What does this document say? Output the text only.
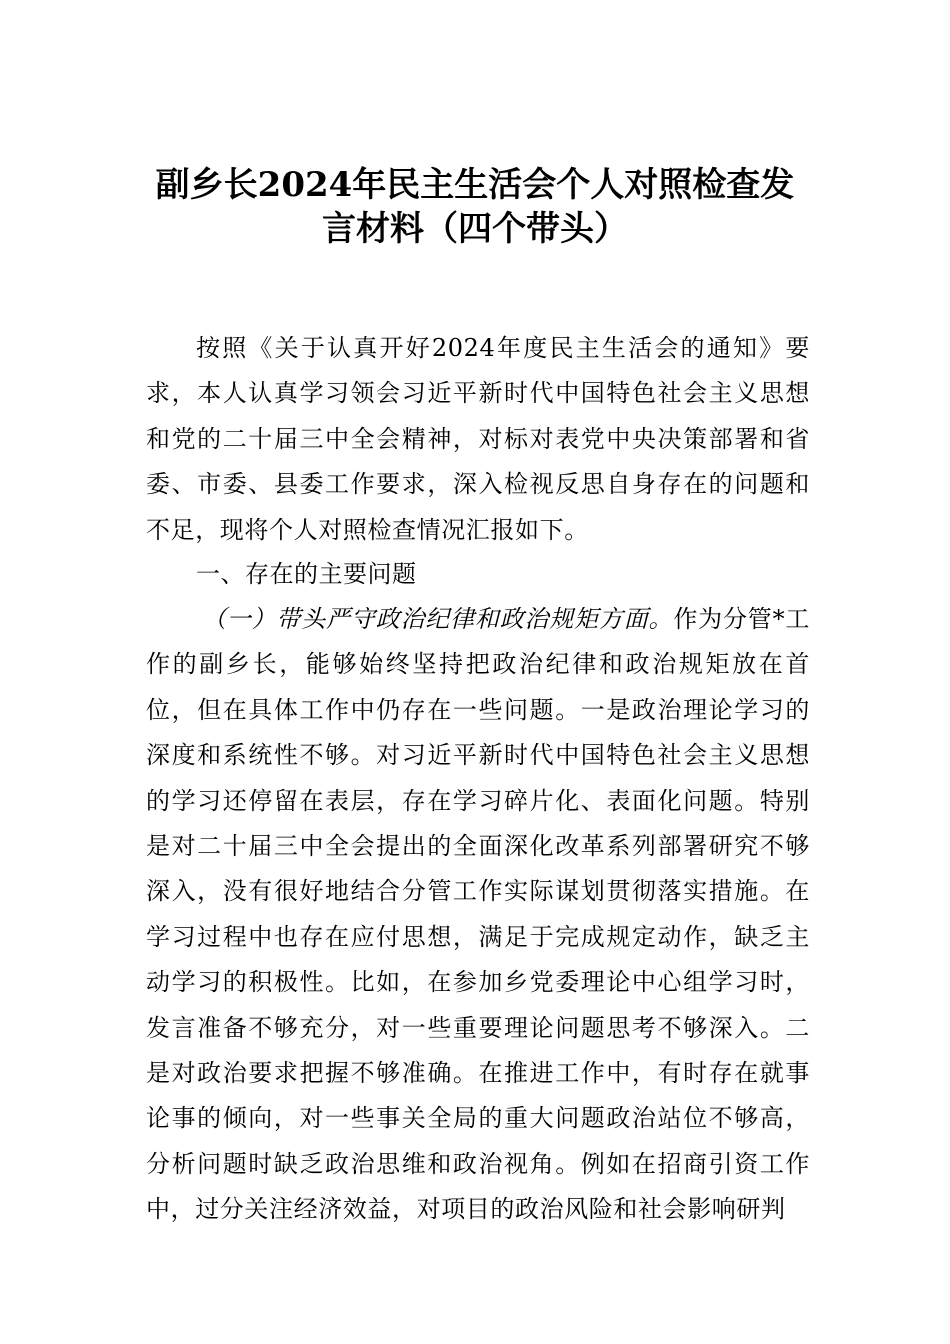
副乡长2024年民主生活会个人对照检查发
言材料（四个带头）

按照《关于认真开好2024年度民主生活会的通知》要求，本人认真学习领会习近平新时代中国特色社会主义思想和党的二十届三中全会精神，对标对表党中央决策部署和省委、市委、县委工作要求，深入检视反思自身存在的问题和不足，现将个人对照检查情况汇报如下。

一、存在的主要问题

（一）带头严守政治纪律和政治规矩方面。作为分管*工作的副乡长，能够始终坚持把政治纪律和政治规矩放在首位，但在具体工作中仍存在一些问题。一是政治理论学习的深度和系统性不够。对习近平新时代中国特色社会主义思想的学习还停留在表层，存在学习碎片化、表面化问题。特别是对二十届三中全会提出的全面深化改革系列部署研究不够深入，没有很好地结合分管工作实际谋划贯彻落实措施。在学习过程中也存在应付思想，满足于完成规定动作，缺乏主动学习的积极性。比如，在参加乡党委理论中心组学习时，发言准备不够充分，对一些重要理论问题思考不够深入。二是对政治要求把握不够准确。在推进工作中，有时存在就事论事的倾向，对一些事关全局的重大问题政治站位不够高，分析问题时缺乏政治思维和政治视角。例如在招商引资工作中，过分关注经济效益，对项目的政治风险和社会影响研判
